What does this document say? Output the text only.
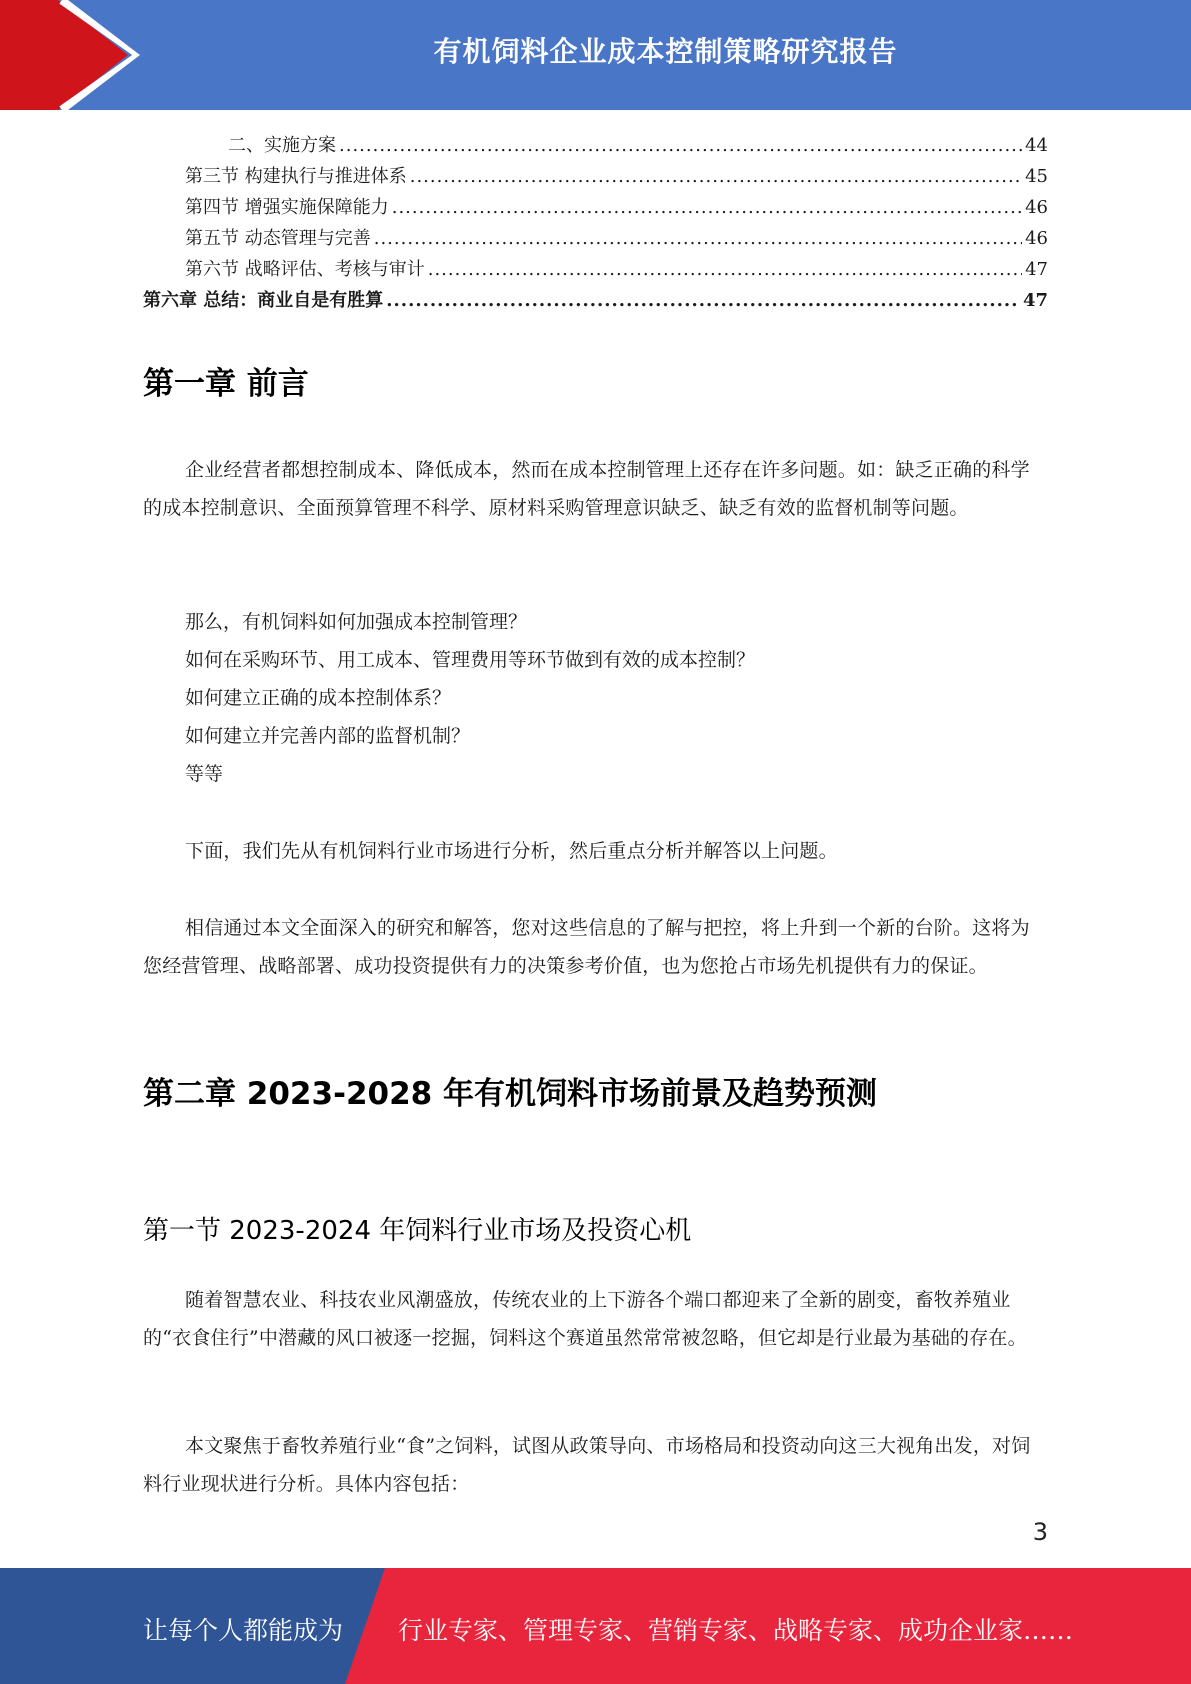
有机饲料企业成本控制策略研究报告
二、实施方案 .....	44
第三节 构建执行与推进体系 .....	45
第四节 增强实施保障能力 .....	46
第五节 动态管理与完善 .....	46
第六节 战略评估、考核与审计 .....	47
第六章 总结：商业自是有胜算 .....	47
第一章 前言
企业经营者都想控制成本、降低成本，然而在成本控制管理上还存在许多问题。如：缺乏正确的科学的成本控制意识、全面预算管理不科学、原材料采购管理意识缺乏、缺乏有效的监督机制等问题。
那么，有机饲料如何加强成本控制管理？
如何在采购环节、用工成本、管理费用等环节做到有效的成本控制？
如何建立正确的成本控制体系？
如何建立并完善内部的监督机制？
等等
下面，我们先从有机饲料行业市场进行分析，然后重点分析并解答以上问题。
相信通过本文全面深入的研究和解答，您对这些信息的了解与把控，将上升到一个新的台阶。这将为您经营管理、战略部署、成功投资提供有力的决策参考价值，也为您抢占市场先机提供有力的保证。
第二章 2023-2028 年有机饲料市场前景及趋势预测
第一节 2023-2024 年饲料行业市场及投资心机
随着智慧农业、科技农业风潮盛放，传统农业的上下游各个端口都迎来了全新的剧变，畜牧养殖业的“衣食住行”中潜藏的风口被逐一挖掘，饲料这个赛道虽然常常被忽略，但它却是行业最为基础的存在。
本文聚焦于畜牧养殖行业“食”之饲料，试图从政策导向、市场格局和投资动向这三大视角出发，对饲料行业现状进行分析。具体内容包括：
3
让每个人都能成为 行业专家、管理专家、营销专家、战略专家、成功企业家……
